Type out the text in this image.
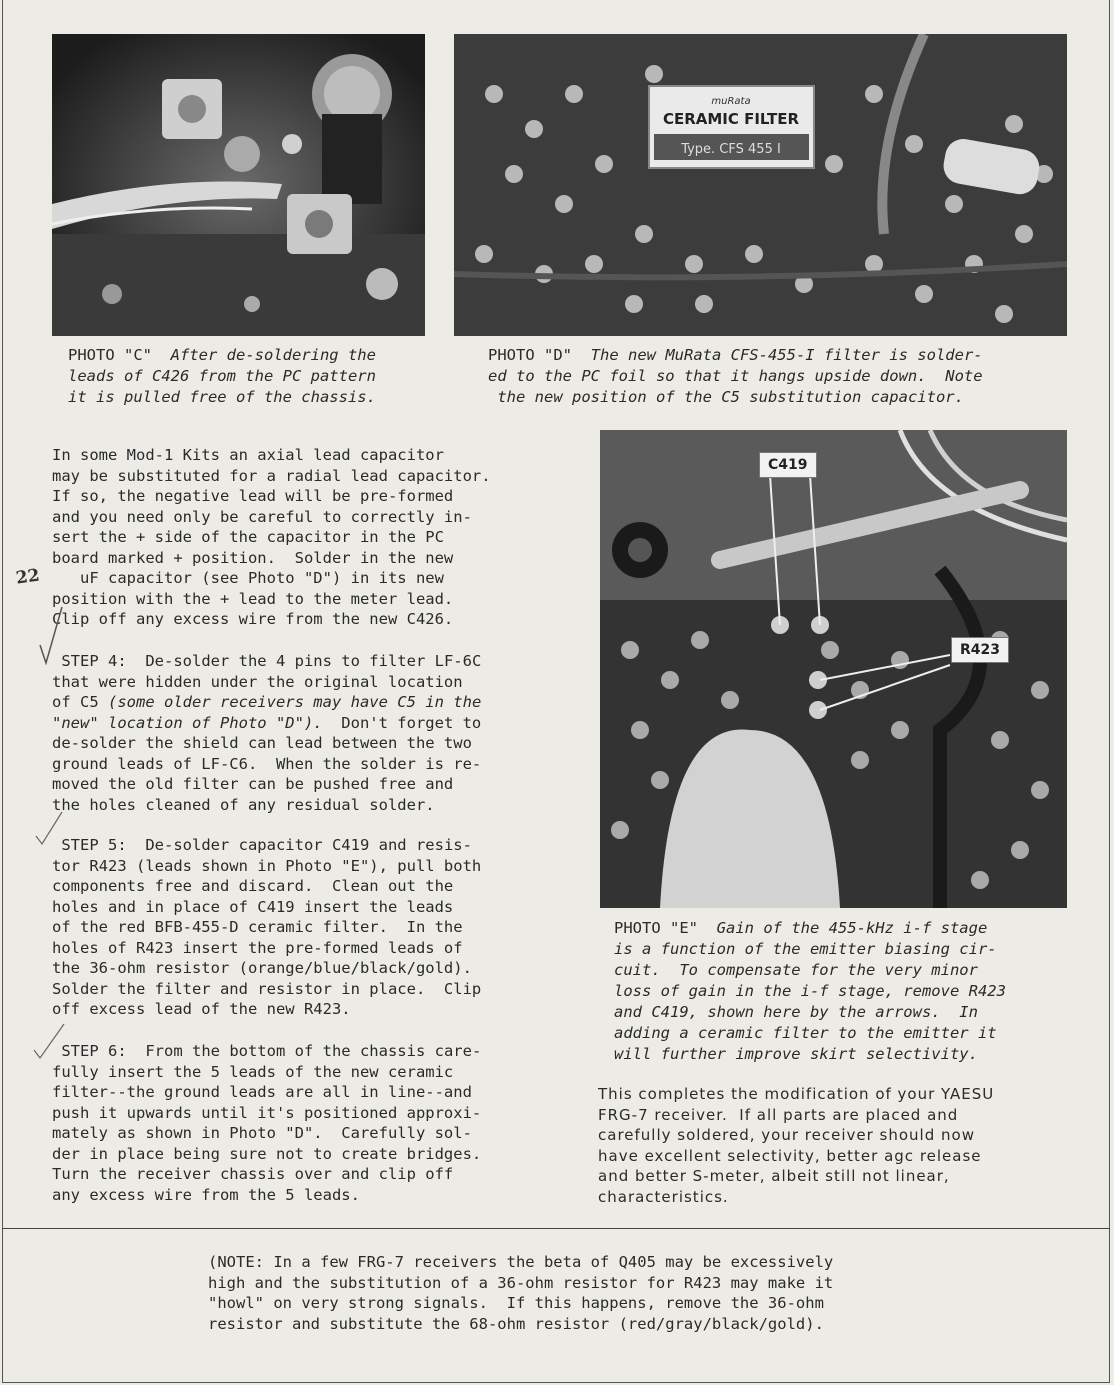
muRata
CERAMIC FILTER
Type. CFS 455 I
PHOTO "C" After de-soldering the
leads of C426 from the PC pattern
it is pulled free of the chassis.
PHOTO "D" The new MuRata CFS-455-I filter is solder-
ed to the PC foil so that it hangs upside down.  Note
the new position of the C5 substitution capacitor.
In some Mod-1 Kits an axial lead capacitor
may be substituted for a radial lead capacitor.
If so, the negative lead will be pre-formed
and you need only be careful to correctly in-
sert the + side of the capacitor in the PC
board marked + position.  Solder in the new
uF capacitor (see Photo "D") in its new
position with the + lead to the meter lead.
Clip off any excess wire from the new C426.
22
STEP 4:  De-solder the 4 pins to filter LF-6C
that were hidden under the original location
of C5 (some older receivers may have C5 in the
"new" location of Photo "D").  Don't forget to
de-solder the shield can lead between the two
ground leads of LF-C6.  When the solder is re-
moved the old filter can be pushed free and
the holes cleaned of any residual solder.
STEP 5:  De-solder capacitor C419 and resis-
tor R423 (leads shown in Photo "E"), pull both
components free and discard.  Clean out the
holes and in place of C419 insert the leads
of the red BFB-455-D ceramic filter.  In the
holes of R423 insert the pre-formed leads of
the 36-ohm resistor (orange/blue/black/gold).
Solder the filter and resistor in place.  Clip
off excess lead of the new R423.
STEP 6:  From the bottom of the chassis care-
fully insert the 5 leads of the new ceramic
filter--the ground leads are all in line--and
push it upwards until it's positioned approxi-
mately as shown in Photo "D".  Carefully sol-
der in place being sure not to create bridges.
Turn the receiver chassis over and clip off
any excess wire from the 5 leads.
C419
R423
PHOTO "E" Gain of the 455-kHz i-f stage
is a function of the emitter biasing cir-
cuit.  To compensate for the very minor
loss of gain in the i-f stage, remove R423
and C419, shown here by the arrows.  In
adding a ceramic filter to the emitter it
will further improve skirt selectivity.
This completes the modification of your YAESU
FRG-7 receiver.  If all parts are placed and
carefully soldered, your receiver should now
have excellent selectivity, better agc release
and better S-meter, albeit still not linear,
characteristics.
(NOTE: In a few FRG-7 receivers the beta of Q405 may be excessively
high and the substitution of a 36-ohm resistor for R423 may make it
"howl" on very strong signals.  If this happens, remove the 36-ohm
resistor and substitute the 68-ohm resistor (red/gray/black/gold).
